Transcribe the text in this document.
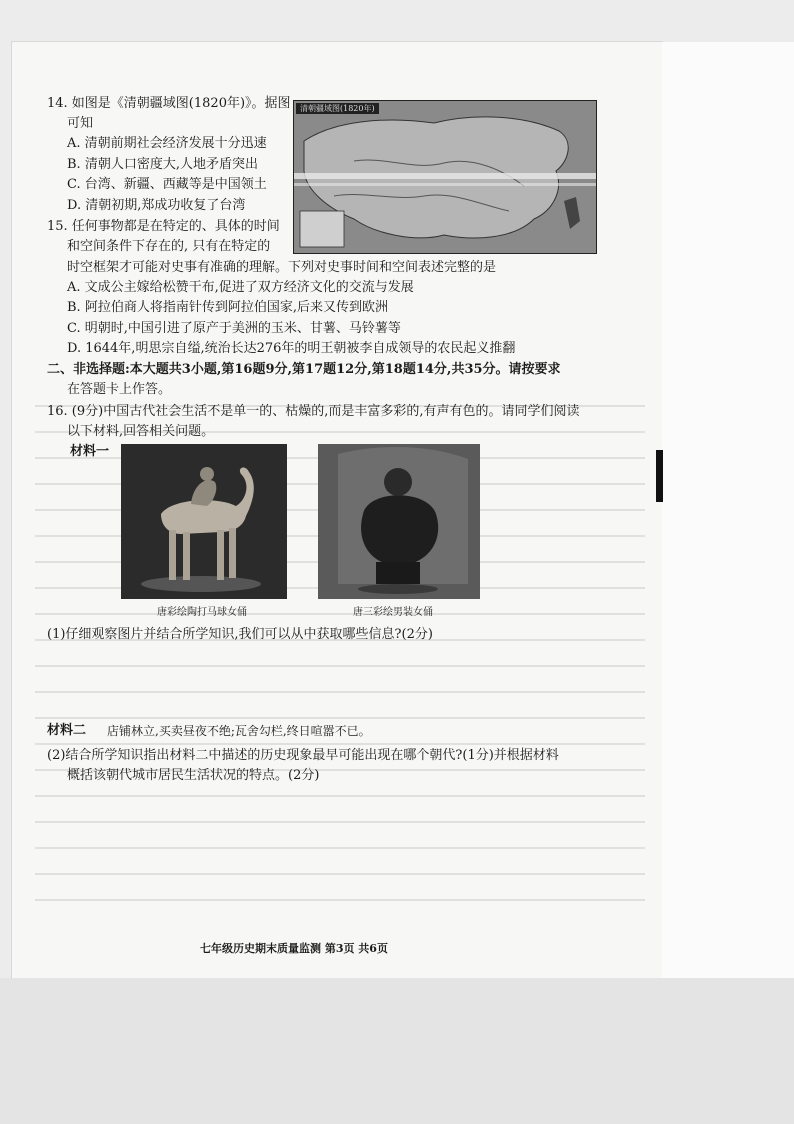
14. 如图是《清朝疆域图(1820年)》。据图
可知
A. 清朝前期社会经济发展十分迅速
B. 清朝人口密度大,人地矛盾突出
C. 台湾、新疆、西藏等是中国领土
D. 清朝初期,郑成功收复了台湾
清朝疆域图(1820年)
15. 任何事物都是在特定的、具体的时间
和空间条件下存在的, 只有在特定的
时空框架才可能对史事有准确的理解。下列对史事时间和空间表述完整的是
A. 文成公主嫁给松赞干布,促进了双方经济文化的交流与发展
B. 阿拉伯商人将指南针传到阿拉伯国家,后来又传到欧洲
C. 明朝时,中国引进了原产于美洲的玉米、甘薯、马铃薯等
D. 1644年,明思宗自缢,统治长达276年的明王朝被李自成领导的农民起义推翻
二、非选择题:本大题共3小题,第16题9分,第17题12分,第18题14分,共35分。请按要求
在答题卡上作答。
16. (9分)中国古代社会生活不是单一的、枯燥的,而是丰富多彩的,有声有色的。请同学们阅读
以下材料,回答相关问题。
材料一
唐彩绘陶打马球女俑	唐三彩绘男装女俑
(1)仔细观察图片并结合所学知识,我们可以从中获取哪些信息?(2分)
材料二 店铺林立,买卖昼夜不绝;瓦舍勾栏,终日喧嚣不已。
(2)结合所学知识指出材料二中描述的历史现象最早可能出现在哪个朝代?(1分)并根据材料
概括该朝代城市居民生活状况的特点。(2分)
七年级历史期末质量监测 第3页 共6页
